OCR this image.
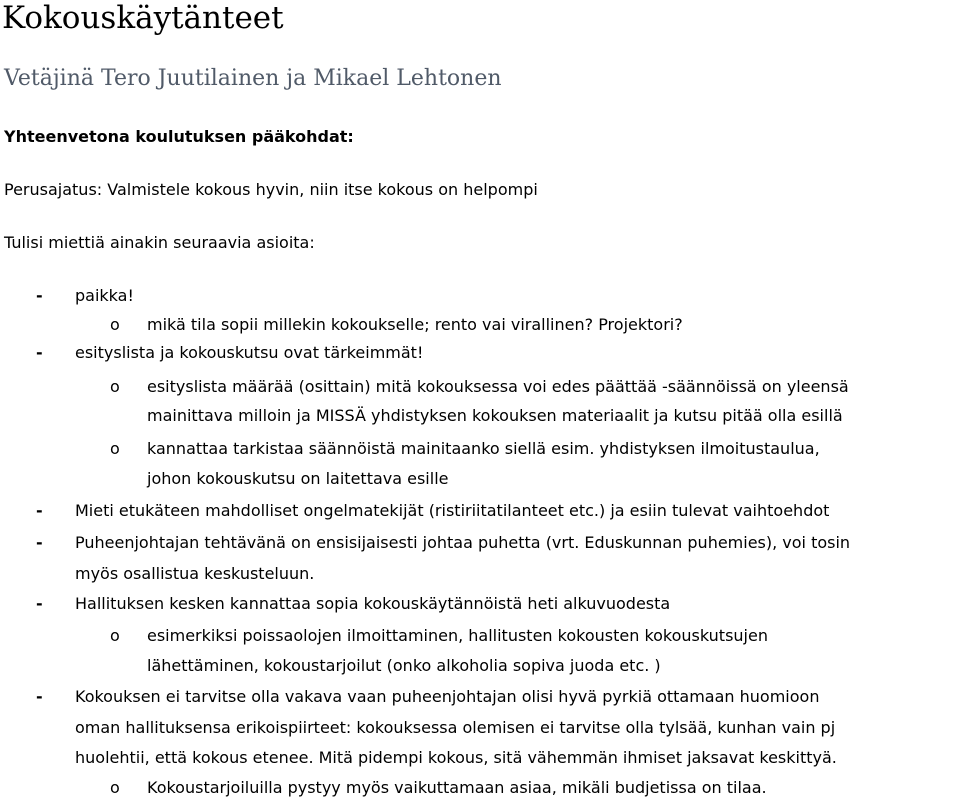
Kokouskäytänteet
Vetäjinä Tero Juutilainen ja Mikael Lehtonen

Yhteenvetona koulutuksen pääkohdat:

Perusajatus: Valmistele kokous hyvin, niin itse kokous on helpompi

Tulisi miettiä ainakin seuraavia asioita:

- paikka!

o mikä tila sopii millekin kokoukselle; rento vai virallinen? Projektori?

- esityslista ja kokouskutsu ovat tärkeimmät!

o esityslista määrää (osittain) mitä kokouksessa voi edes päättää -säännöissä on yleensä

mainittava milloin ja MISSÄ yhdistyksen kokouksen materiaalit ja kutsu pitää olla esillä

o kannattaa tarkistaa säännöistä mainitaanko siellä esim. yhdistyksen ilmoitustaulua,

johon kokouskutsu on laitettava esille

- Mieti etukäteen mahdolliset ongelmatekijät (ristiriitatilanteet etc.) ja esiin tulevat vaihtoehdot

- Puheenjohtajan tehtävänä on ensisijaisesti johtaa puhetta (vrt. Eduskunnan puhemies), voi tosin

myös osallistua keskusteluun.

- Hallituksen kesken kannattaa sopia kokouskäytännöistä heti alkuvuodesta

o esimerkiksi poissaolojen ilmoittaminen, hallitusten kokousten kokouskutsujen

lähettäminen, kokoustarjoilut (onko alkoholia sopiva juoda etc. )

- Kokouksen ei tarvitse olla vakava vaan puheenjohtajan olisi hyvä pyrkiä ottamaan huomioon

oman hallituksensa erikoispiirteet: kokouksessa olemisen ei tarvitse olla tylsää, kunhan vain pj

huolehtii, että kokous etenee. Mitä pidempi kokous, sitä vähemmän ihmiset jaksavat keskittyä.

o Kokoustarjoiluilla pystyy myös vaikuttamaan asiaa, mikäli budjetissa on tilaa.
